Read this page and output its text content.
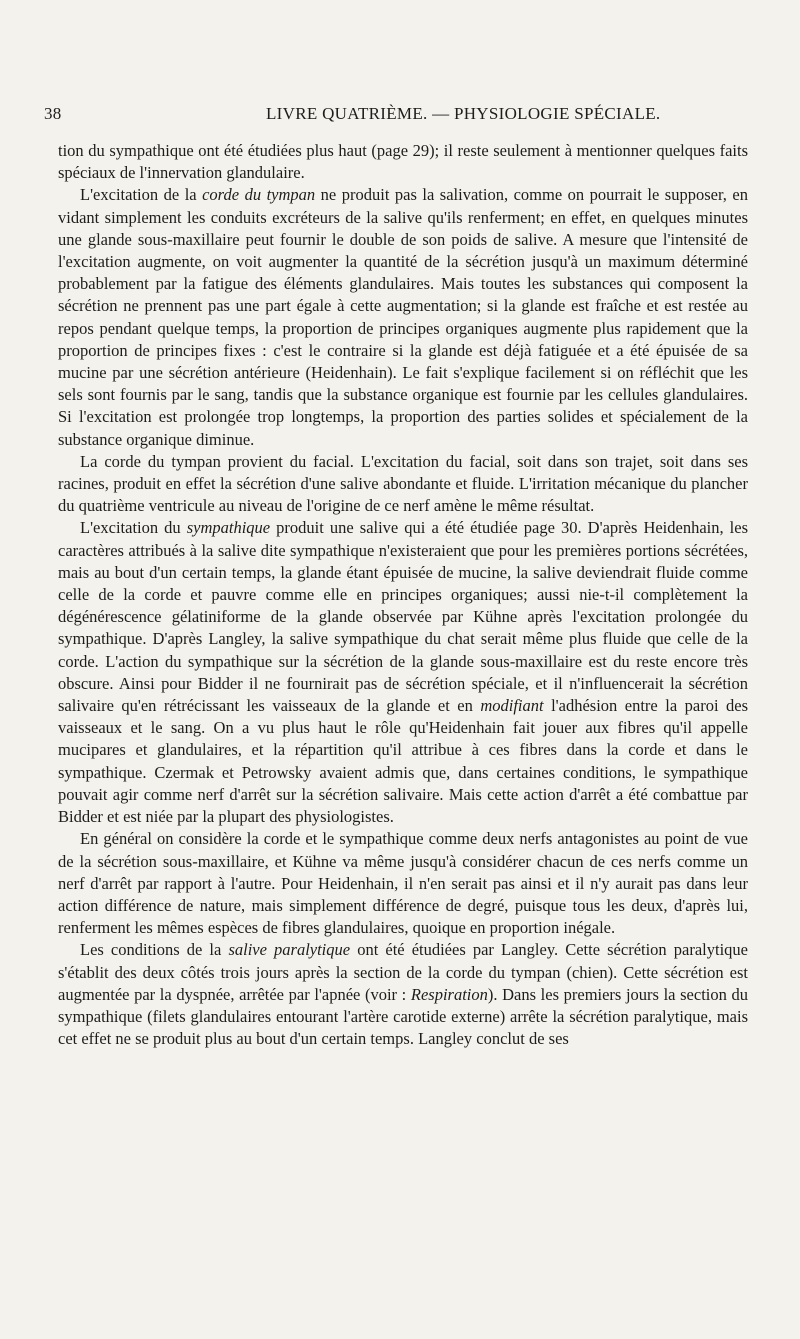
38	LIVRE QUATRIÈME. — PHYSIOLOGIE SPÉCIALE.

tion du sympathique ont été étudiées plus haut (page 29); il reste seulement à mentionner quelques faits spéciaux de l'innervation glandulaire.

L'excitation de la corde du tympan ne produit pas la salivation, comme on pourrait le supposer, en vidant simplement les conduits excréteurs de la salive qu'ils renferment; en effet, en quelques minutes une glande sous-maxillaire peut fournir le double de son poids de salive. A mesure que l'intensité de l'excitation augmente, on voit augmenter la quantité de la sécrétion jusqu'à un maximum déterminé probablement par la fatigue des éléments glandulaires. Mais toutes les substances qui composent la sécrétion ne prennent pas une part égale à cette augmentation; si la glande est fraîche et est restée au repos pendant quelque temps, la proportion de principes organiques augmente plus rapidement que la proportion de principes fixes : c'est le contraire si la glande est déjà fatiguée et a été épuisée de sa mucine par une sécrétion antérieure (Heidenhain). Le fait s'explique facilement si on réfléchit que les sels sont fournis par le sang, tandis que la substance organique est fournie par les cellules glandulaires. Si l'excitation est prolongée trop longtemps, la proportion des parties solides et spécialement de la substance organique diminue.

La corde du tympan provient du facial. L'excitation du facial, soit dans son trajet, soit dans ses racines, produit en effet la sécrétion d'une salive abondante et fluide. L'irritation mécanique du plancher du quatrième ventricule au niveau de l'origine de ce nerf amène le même résultat.

L'excitation du sympathique produit une salive qui a été étudiée page 30. D'après Heidenhain, les caractères attribués à la salive dite sympathique n'existeraient que pour les premières portions sécrétées, mais au bout d'un certain temps, la glande étant épuisée de mucine, la salive deviendrait fluide comme celle de la corde et pauvre comme elle en principes organiques; aussi nie-t-il complètement la dégénérescence gélatiniforme de la glande observée par Kühne après l'excitation prolongée du sympathique. D'après Langley, la salive sympathique du chat serait même plus fluide que celle de la corde. L'action du sympathique sur la sécrétion de la glande sous-maxillaire est du reste encore très obscure. Ainsi pour Bidder il ne fournirait pas de sécrétion spéciale, et il n'influencerait la sécrétion salivaire qu'en rétrécissant les vaisseaux de la glande et en modifiant l'adhésion entre la paroi des vaisseaux et le sang. On a vu plus haut le rôle qu'Heidenhain fait jouer aux fibres qu'il appelle mucipares et glandulaires, et la répartition qu'il attribue à ces fibres dans la corde et dans le sympathique. Czermak et Petrowsky avaient admis que, dans certaines conditions, le sympathique pouvait agir comme nerf d'arrêt sur la sécrétion salivaire. Mais cette action d'arrêt a été combattue par Bidder et est niée par la plupart des physiologistes.

En général on considère la corde et le sympathique comme deux nerfs antagonistes au point de vue de la sécrétion sous-maxillaire, et Kühne va même jusqu'à considérer chacun de ces nerfs comme un nerf d'arrêt par rapport à l'autre. Pour Heidenhain, il n'en serait pas ainsi et il n'y aurait pas dans leur action différence de nature, mais simplement différence de degré, puisque tous les deux, d'après lui, renferment les mêmes espèces de fibres glandulaires, quoique en proportion inégale.

Les conditions de la salive paralytique ont été étudiées par Langley. Cette sécrétion paralytique s'établit des deux côtés trois jours après la section de la corde du tympan (chien). Cette sécrétion est augmentée par la dyspnée, arrêtée par l'apnée (voir : Respiration). Dans les premiers jours la section du sympathique (filets glandulaires entourant l'artère carotide externe) arrête la sécrétion paralytique, mais cet effet ne se produit plus au bout d'un certain temps. Langley conclut de ses
